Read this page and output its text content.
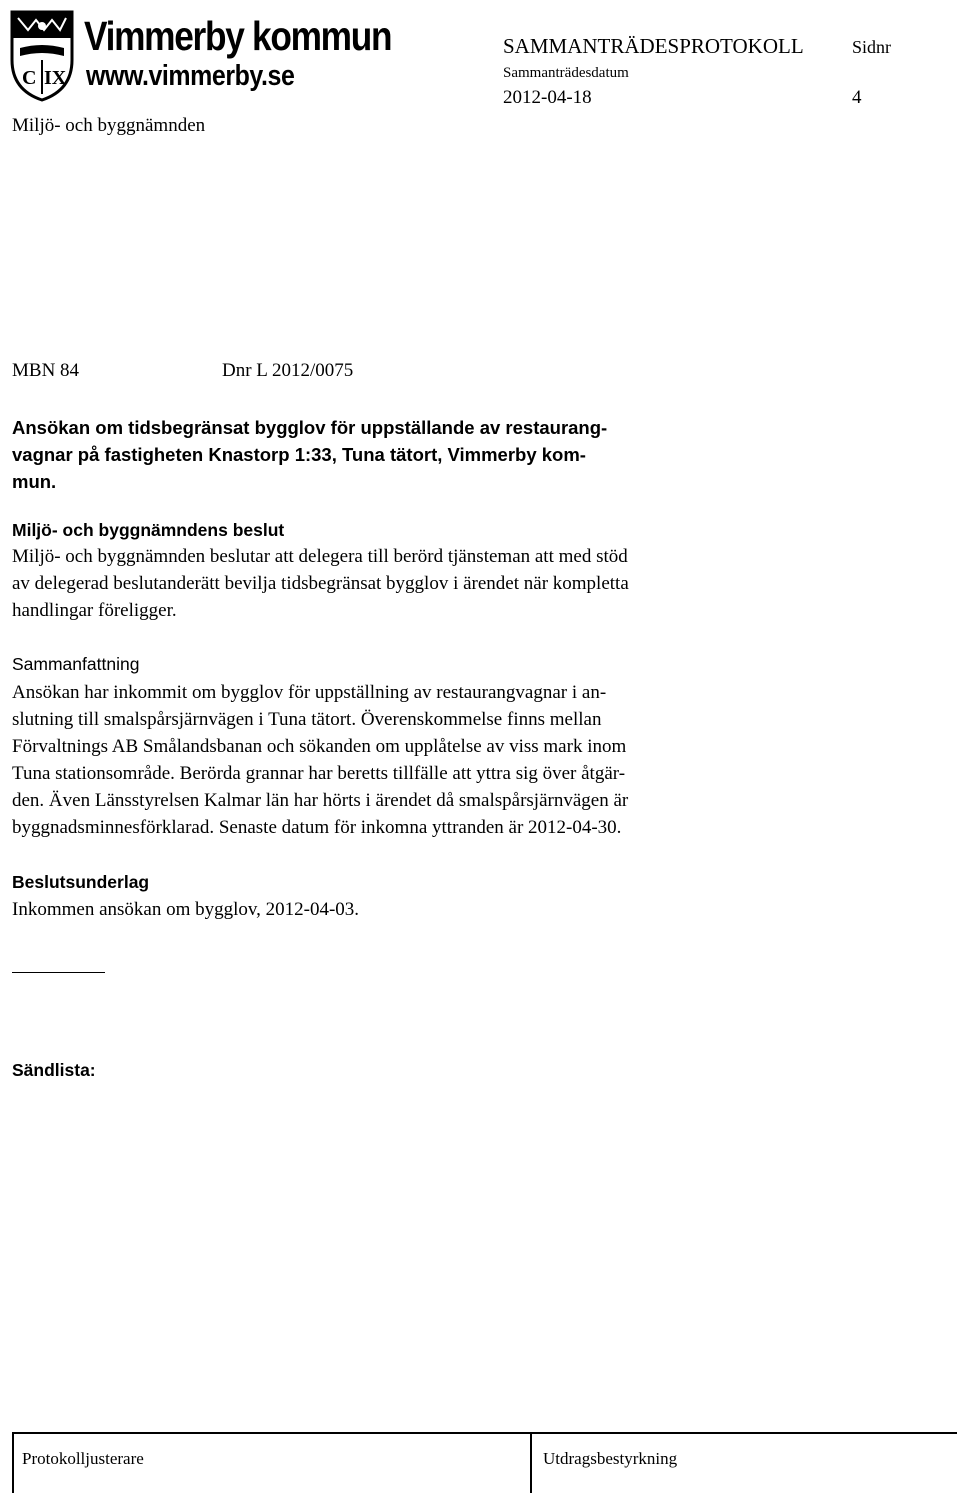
C IX
Vimmerby kommun
www.vimmerby.se
SAMMANTRÄDESPROTOKOLL	Sidnr
Sammanträdesdatum
2012-04-18	4
Miljö- och byggnämnden
MBN 84	Dnr L 2012/0075
Ansökan om tidsbegränsat bygglov för uppställande av restaurang-
vagnar på fastigheten Knastorp 1:33, Tuna tätort, Vimmerby kom-
mun.
Miljö- och byggnämndens beslut
Miljö- och byggnämnden beslutar att delegera till berörd tjänsteman att med stöd
av delegerad beslutanderätt bevilja tidsbegränsat bygglov i ärendet när kompletta
handlingar föreligger.
Sammanfattning
Ansökan har inkommit om bygglov för uppställning av restaurangvagnar i an-
slutning till smalspårsjärnvägen i Tuna tätort. Överenskommelse finns mellan
Förvaltnings AB Smålandsbanan och sökanden om upplåtelse av viss mark inom
Tuna stationsområde. Berörda grannar har beretts tillfälle att yttra sig över åtgär-
den. Även Länsstyrelsen Kalmar län har hörts i ärendet då smalspårsjärnvägen är
byggnadsminnesförklarad. Senaste datum för inkomna yttranden är 2012-04-30.
Beslutsunderlag
Inkommen ansökan om bygglov, 2012-04-03.
Sändlista:
Protokolljusterare	Utdragsbestyrkning
